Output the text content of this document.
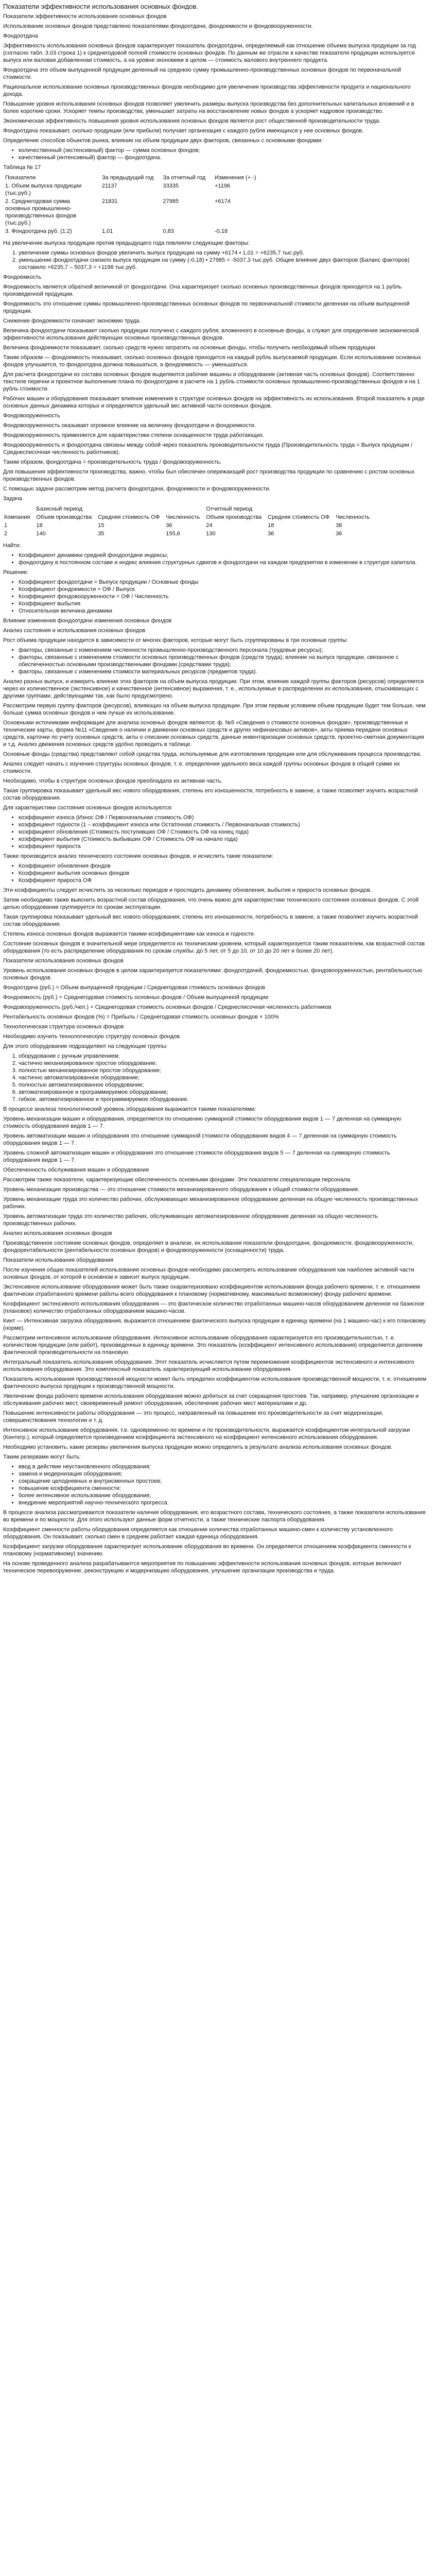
Показатели эффективности использования основных фондов.

Показатели эффективности использования основных фондов

Использование основных фондов представлено показателями фондоотдачи, фондоемкости и фондовооруженности.

Фондоотдача

Эффективность использования основных фондов характеризует показатель фондоотдачи, определяемый как отношение объема выпуска продукции за год (согласно табл. 3.03 строка 1) к среднегодовой полной стоимости основных фондов. По данным же отрасли в качестве показателя продукции используется выпуск или валовая добавленная стоимость, а на уровне экономики в целом — стоимость валового внутреннего продукта.

Фондоотдача это объем выпущенной продукции деленный на среднюю сумму промышленно-производственных основных фондов по первоначальной стоимости.

Рациональное использование основных производственных фондов необходимо для увеличения производства эффективности продукта и национального дохода.

Повышение уровня использования основных фондов позволяет увеличить размеры выпуска производства без дополнительных капитальных вложений и в более короткие сроки. Ускоряет темпы производства, уменьшает затраты на восстановление новых фондов а ускоряет кадровое производство.

Экономическая эффективность повышения уровня использования основных фондов является рост общественной производительности труда.

Фондоотдача показывает, сколько продукции (или прибыли) получает организация с каждого рубля имеющихся у нее основных фондов.

Определение способов объектов рынка, влияние на объем продукции двух факторов, связанных с основными фондами:

• количественный (экстенсивный) фактор — сумма основных фондов;
• качественный (интенсивный) фактор — фондоотдача.

Таблица № 17

Показатели	За предыдущий год	За отчетный год	Изменения (+ -)
1. Объем выпуска продукции (тыс.руб.)	21137	33335	+1196
2. Среднегодовая сумма основных промышленно-производственных фондов (тыс.руб.)	21831	27985	+6174
3. Фондоотдача руб. (1:2)	1,01	0,83	-0,18

На увеличение выпуска продукции против предыдущего года повлияли следующие факторы:

1. увеличение суммы основных фондов увеличить выпуск продукции на сумму +6174 • 1,01 = +6235,7 тыс.руб.
2. уменьшение фондоотдачи снизило выпуск продукции на сумму (-0,18) • 27985 = -5037,3 тыс.руб. Общее влияние двух факторов (Баланс факторов) составило +6235,7 – 5037,3 = +1198 тыс.руб.

Фондоемкость

Фондоемкость является обратной величиной от фондоотдачи. Она характеризует сколько основных производственных фондов приходится на 1 рубль произведенной продукции.

Фондоемкость это отношение суммы промышленно-производственных основных фондов по первоначальной стоимости деленная на объем выпущенной продукции.

Снижение фондоемкости означает экономию труда.

Величина фондоотдачи показывает сколько продукции получено с каждого рубля, вложенного в основные фонды, а служит для определения экономической эффективности использования действующих основных производственных фондов.

Величина фондоемкости показывает, сколько средств нужно затратить на основные фонды, чтобы получить необходимый объем продукции.

Таким образом — фондоемкость показывает, сколько основных фондов приходится на каждый рубль выпускаемой продукции. Если использование основных фондов улучшается, то фондоотдача должна повышаться, а фондоемкость — уменьшаться.

Для расчета фондоотдачи из состава основных фондов выделяются рабочие машины и оборудование (активная часть основных фондов). Соответственно текстиле перечни и проектное выполнение плана по фондоотдаче в расчете на 1 рубль стоимости основных промышленно-производственных фондов и на 1 рубль стоимости.

Рабочих машин и оборудования показывает влияние изменения в структуре основных фондов на эффективность их использования. Второй показатель в ряде основных данных динамика которых и определяется удельный вес активной части основных фондов.

Фондовооруженность

Фондовооруженность оказывает огромное влияние на величину фондоотдачи и фондоемкости.

Фондовооруженность применяется для характеристики степени оснащенности труда работающих.

Фондовооруженность и фондоотдача связаны между собой через показатель производительности труда (Производительность труда = Выпуск продукции / Среднесписочная численность работников).

Таким образом, фондоотдача = производительность труда / фондовооруженность.

Для повышения эффективности производства, важно, чтобы был обеспечен опережающий рост производства продукции по сравнению с ростом основных производственных фондов.

С помощью задачи рассмотрим метод расчета фондоотдачи, фондоемкости и фондовооруженности.

Задача

	Базисный период			Отчетный период		
Компания	Объем производства	Средняя стоимость ОФ	Численность	Объем производства	Средняя стоимость ОФ	Численность
1	18	15	36	24	18	38
2	140	35	155,6	130	36	36

Найти:

• Коэффициент динамики средней фондоотдачи индексы;
• фондоотдачу в постоянном составе и индекс влияния структурных сдвигов и фондоотдачи на каждом предприятии в изменении в структуре капитала.

Решение:

• Коэффициент фондоотдачи = Выпуск продукции / Основные фонды
• Коэффициент фондоемкости = ОФ / Выпуск
• Коэффициент фондовооруженности = ОФ / Численность
• Коэффициент выбытия
• Относительная величина динамики

Влияние изменения фондоотдачи изменения основных фондов

Анализ состояния и использования основных фондов

Рост объема продукции находится в зависимости от многих факторов, которые могут быть сгруппированы в три основные группы:

• факторы, связанные с изменением численности промышленно-производственного персонала (трудовые ресурсы);
• факторы, связанные с изменением стоимости основных производственных фондов (средств труда), влияние на выпуск продукции, связанное с обеспеченностью основными производственными фондами (средствами труда);
• факторы, связанные с изменением стоимости материальных ресурсов (предметов труда).

Анализ разных выпуск, и измерить влияние этих факторов на объем выпуска продукции. При этом, влияние каждой группы факторов (ресурсов) определяется через их количественное (экстенсивное) и качественное (интенсивное) выражения, т. е., используемые в распределении их использования, отыскивающих с другими группами, действующими так, как было предусмотрено.

Рассмотрим первую группу факторов (ресурсов), влияющих на объем выпуска продукции. При этом первым условием объем продукции будет тем больше, чем больше сумма основных фондов и чем лучше их использование.

Основными источниками информации для анализа основных фондов являются: ф. №5 «Сведения о стоимости основных фондов», производственные и технические карты, форма №11 «Сведения о наличии и движении основных средств и других нефинансовых активов», акты приема-передачи основных средств, карточки по учету основных средств, акты о списании основных средств, данные инвентаризации основных средств, проектно-сметная документация и т.д. Анализ движения основных средств удобно проводить в таблице.

Основные фонды (средства) представляют собой средства труда, используемые для изготовления продукции или для обслуживания процесса производства.

Анализ следует начать с изучения структуры основных фондов, т. е. определения удельного веса каждой группы основных фондов в общей сумме их стоимости.

Необходимо, чтобы в структуре основных фондов преобладала их активная часть.

Такая группировка показывает удельный вес нового оборудования, степень его изношенности, потребность в замене, а также позволяет изучить возрастной состав оборудования.

Для характеристики состояния основных фондов используются:

• коэффициент износа (Износ ОФ / Первоначальная стоимость ОФ)
• коэффициент годности (1 – коэффициент износа или Остаточная стоимость / Первоначальная стоимость)
• коэффициент обновления (Стоимость поступивших ОФ / Стоимость ОФ на конец года)
• коэффициент выбытия (Стоимость выбывших ОФ / Стоимость ОФ на начало года)
• коэффициент прироста

Также производится анализ технического состояния основных фондов, и исчислить такие показатели:

• Коэффициент обновления фондов
• Коэффициент выбытия основных фондов
• Коэффициент прироста ОФ

Эти коэффициенты следует исчислить за несколько периодов и проследить динамику обновления, выбытия и прироста основных фондов.

Затем необходимо также выяснить возрастной состав оборудования, что очень важно для характеристики технического состояния основных фондов. С этой целью оборудование группируется по срокам эксплуатации.

Такая группировка показывает удельный вес нового оборудования, степень его изношенности, потребность в замене, а также позволяет изучить возрастной состав оборудования.

Степень износа основных фондов выражается такими коэффициентами как износа и годности.

Состояние основных фондов в значительной мере определяется их техническим уровнем, который характеризуется таким показателем, как возрастной состав оборудования (то есть распределение оборудования по срокам службы: до 5 лет, от 5 до 10, от 10 до 20 лет и более 20 лет).

Показатели использования основных фондов

Уровень использования основных фондов в целом характеризуется показателями: фондоотдачей, фондоемкостью, фондовооруженностью, рентабельностью основных фондов.

Фондоотдача (руб.) = Объем выпущенной продукции / Среднегодовая стоимость основных фондов

Фондоемкость (руб.) = Среднегодовая стоимость основных фондов / Объем выпущенной продукции

Фондовооруженность (руб./чел.) = Среднегодовая стоимость основных фондов / Среднесписочная численность работников

Рентабельность основных фондов (%) = Прибыль / Среднегодовая стоимость основных фондов × 100%

Технологическая структура основных фондов

Необходимо изучить технологическую структуру основных фондов.

Для этого оборудование подразделяют на следующие группы:

1. оборудование с ручным управлением;
2. частично механизированное простое оборудование;
3. полностью механизированное простое оборудование;
4. частично автоматизированное оборудование;
5. полностью автоматизированное оборудование;
6. автоматизированное и программируемое оборудование;
7. гибкое, автоматизированное и программируемое оборудование.

В процессе анализа технологический уровень оборудования выражается такими показателями:

Уровень механизации машин и оборудования, определяется по отношению суммарной стоимости оборудования видов 1 — 7 деленная на суммарную стоимость оборудования видов 1 — 7.

Уровень автоматизации машин и оборудования это отношение суммарной стоимости оборудования видов 4 — 7 деленная на суммарную стоимость оборудования видов 1 — 7.

Уровень сложной автоматизации машин и оборудования это отношение стоимости оборудования видов 5 — 7 деленная на суммарную стоимость оборудования видов 1 — 7.

Обеспеченность обслуживания машин и оборудования

Рассмотрим также показатели, характеризующие обеспеченность основными фондами. Эти показатели специализации персонала.

Уровень механизации производства — это отношение стоимости механизированного оборудования к общей стоимости оборудования.

Уровень механизации труда это количество рабочих, обслуживающих механизированное оборудование деленная на общую численность производственных рабочих.

Уровень автоматизации труда это количество рабочих, обслуживающих автоматизированное оборудование деленная на общую численность производственных рабочих.

Анализ использования основных фондов

Производственное состояние основных фондов, определяет в анализе, их использования показатели фондоотдачи, фондоемкости, фондовооруженности, фондорентабельности (рентабельности основных фондов) и фондовооруженности (оснащенности) труда.

Показатели использования оборудования

После изучения общих показателей использования основных фондов необходимо рассмотреть использование оборудования как наиболее активной части основных фондов, от которой в основном и зависит выпуск продукции.

Экстенсивное использование оборудования может быть также охарактеризовано коэффициентом использования фонда рабочего времени, т. е. отношением фактически отработанного времени работы всего оборудования к плановому (нормативному, максимально возможному) фонду рабочего времени.

Коэффициент экстенсивного использования оборудования — это фактическое количество отработанных машино-часов оборудованием деленное на базисное (плановое) количество отработанных оборудованием машино-часов.

Кинт — Интенсивная загрузка оборудования, выражается отношением фактического выпуска продукции в единицу времени (на 1 машино-час) к его плановому (норме).

Рассмотрим интенсивное использование оборудования. Интенсивное использование оборудования характеризуется его производительностью, т. е. количеством продукции (или работ), произведенных в единицу времени. Это показатель (коэффициент интенсивного использования) определяется делением фактической производительности на плановую.

Интегральный показатель использования оборудования. Этот показатель исчисляется путем перемножения коэффициентов экстенсивного и интенсивного использования оборудования. Это комплексный показатель характеризующий использование оборудования.

Показатель использования производственной мощности может быть определен коэффициентом использования производственной мощности, т. е. отношением фактического выпуска продукции к производственной мощности.

Увеличение фонда рабочего времени использования оборудования можно добиться за счет сокращения простоев. Так, например, улучшение организации и обслуживания рабочих мест, своевременный ремонт оборудования, обеспечение рабочих мест материалами и др.

Повышение интенсивности работы оборудования — это процесс, направленный на повышение его производительности за счет модернизации, совершенствования технологии и т. д.

Интенсивное использование оборудования, т.е. одновременно по времени и по производительности, выражается коэффициентом интегральной загрузки (Кинтегр.), который определяется произведением коэффициента экстенсивного на коэффициент интенсивного использования оборудования.

Необходимо установить, какие резервы увеличения выпуска продукции можно определить в результате анализа использования основных фондов.

Таким резервами могут быть:

• ввод в действие неустановленного оборудования;
• замена и модернизация оборудования;
• сокращение целодневных и внутрисменных простоев;
• повышение коэффициента сменности;
• более интенсивное использование оборудования;
• внедрение мероприятий научно-технического прогресса.

В процессе анализа рассматриваются показатели наличия оборудования, его возрастного состава, технического состояния, а также показатели использования во времени и по мощности. Для этого используют данные форм отчетности, а также технические паспорта оборудования.

Коэффициент сменности работы оборудования определяется как отношение количества отработанных машино-смен к количеству установленного оборудования. Он показывает, сколько смен в среднем работает каждая единица оборудования.

Коэффициент загрузки оборудования характеризует использование оборудования во времени. Он определяется отношением коэффициента сменности к плановому (нормативному) значению.

На основе проведенного анализа разрабатываются мероприятия по повышению эффективности использования основных фондов, которые включают техническое перевооружение, реконструкцию и модернизацию оборудования, улучшение организации производства и труда.
